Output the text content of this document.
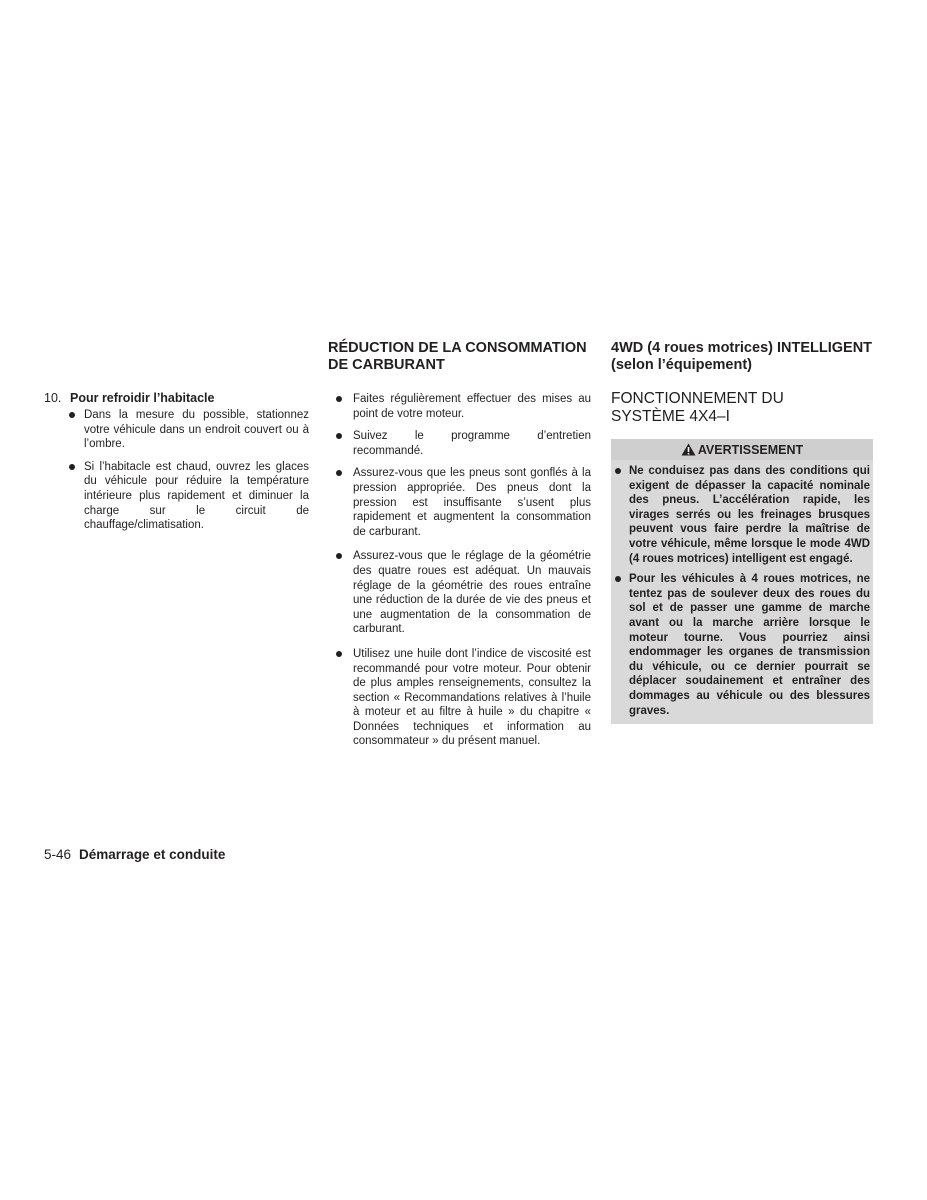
10. Pour refroidir l’habitacle
Dans la mesure du possible, stationnez votre véhicule dans un endroit couvert ou à l’ombre.
Si l’habitacle est chaud, ouvrez les glaces du véhicule pour réduire la température intérieure plus rapidement et diminuer la charge sur le circuit de chauffage/climatisation.
RÉDUCTION DE LA CONSOMMATION
DE CARBURANT
Faites régulièrement effectuer des mises au point de votre moteur.
Suivez le programme d’entretien recommandé.
Assurez-vous que les pneus sont gonflés à la pression appropriée. Des pneus dont la pression est insuffisante s’usent plus rapidement et augmentent la consommation de carburant.
Assurez-vous que le réglage de la géométrie des quatre roues est adéquat. Un mauvais réglage de la géométrie des roues entraîne une réduction de la durée de vie des pneus et une augmentation de la consommation de carburant.
Utilisez une huile dont l’indice de viscosité est recommandé pour votre moteur. Pour obtenir de plus amples renseignements, consultez la section « Recommandations relatives à l’huile à moteur et au filtre à huile » du chapitre « Données techniques et information au consommateur » du présent manuel.
4WD (4 roues motrices) INTELLIGENT
(selon l’équipement)
FONCTIONNEMENT DU
SYSTÈME 4X4–I
AVERTISSEMENT
Ne conduisez pas dans des conditions qui exigent de dépasser la capacité nominale des pneus. L’accélération rapide, les virages serrés ou les freinages brusques peuvent vous faire perdre la maîtrise de votre véhicule, même lorsque le mode 4WD (4 roues motrices) intelligent est engagé.
Pour les véhicules à 4 roues motrices, ne tentez pas de soulever deux des roues du sol et de passer une gamme de marche avant ou la marche arrière lorsque le moteur tourne. Vous pourriez ainsi endommager les organes de transmission du véhicule, ou ce dernier pourrait se déplacer soudainement et entraîner des dommages au véhicule ou des blessures graves.
5-46 Démarrage et conduite
